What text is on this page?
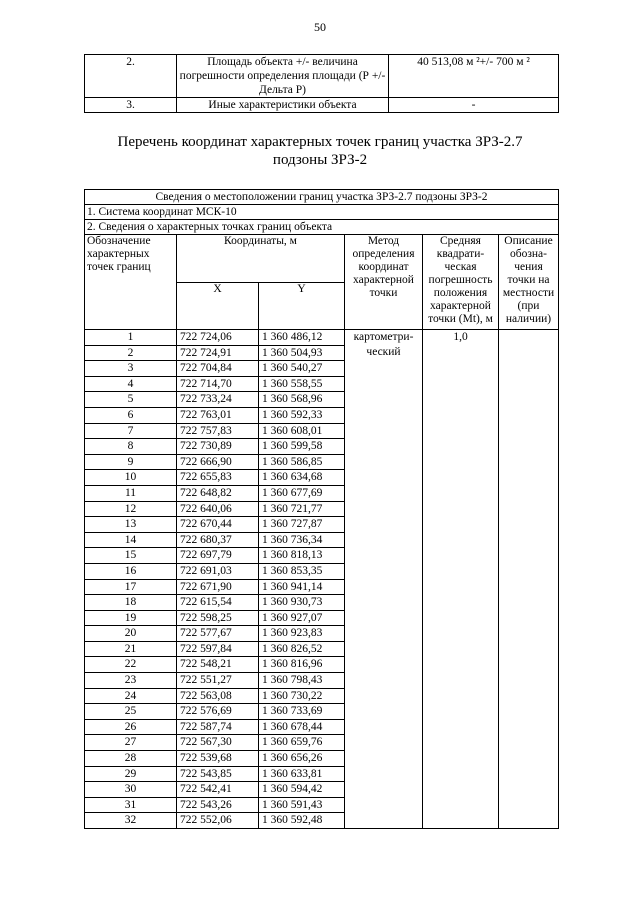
50
2.	Площадь объекта +/- величина погрешности определения площади (Р +/- Дельта Р)	40 513,08 м ²+/- 700 м ²
3.	Иные характеристики объекта	-
Перечень координат характерных точек границ участка ЗРЗ-2.7
подзоны ЗРЗ-2
Сведения о местоположении границ участка ЗРЗ-2.7 подзоны ЗРЗ-2					
1. Система координат МСК-10					
2. Сведения о характерных точках границ объекта					
Обозначение характерных точек границ	Координаты, м		Метод определения координат характерной точки	Средняя квадрати-ческая погрешность положения характерной точки (Mt), м	Описание обозна-чения точки на местности (при наличии)
	X	Y			
1	722 724,06	1 360 486,12	картометри-ческий	1,0	
2	722 724,91	1 360 504,93			
3	722 704,84	1 360 540,27			
4	722 714,70	1 360 558,55			
5	722 733,24	1 360 568,96			
6	722 763,01	1 360 592,33			
7	722 757,83	1 360 608,01			
8	722 730,89	1 360 599,58			
9	722 666,90	1 360 586,85			
10	722 655,83	1 360 634,68			
11	722 648,82	1 360 677,69			
12	722 640,06	1 360 721,77			
13	722 670,44	1 360 727,87			
14	722 680,37	1 360 736,34			
15	722 697,79	1 360 818,13			
16	722 691,03	1 360 853,35			
17	722 671,90	1 360 941,14			
18	722 615,54	1 360 930,73			
19	722 598,25	1 360 927,07			
20	722 577,67	1 360 923,83			
21	722 597,84	1 360 826,52			
22	722 548,21	1 360 816,96			
23	722 551,27	1 360 798,43			
24	722 563,08	1 360 730,22			
25	722 576,69	1 360 733,69			
26	722 587,74	1 360 678,44			
27	722 567,30	1 360 659,76			
28	722 539,68	1 360 656,26			
29	722 543,85	1 360 633,81			
30	722 542,41	1 360 594,42			
31	722 543,26	1 360 591,43			
32	722 552,06	1 360 592,48			
